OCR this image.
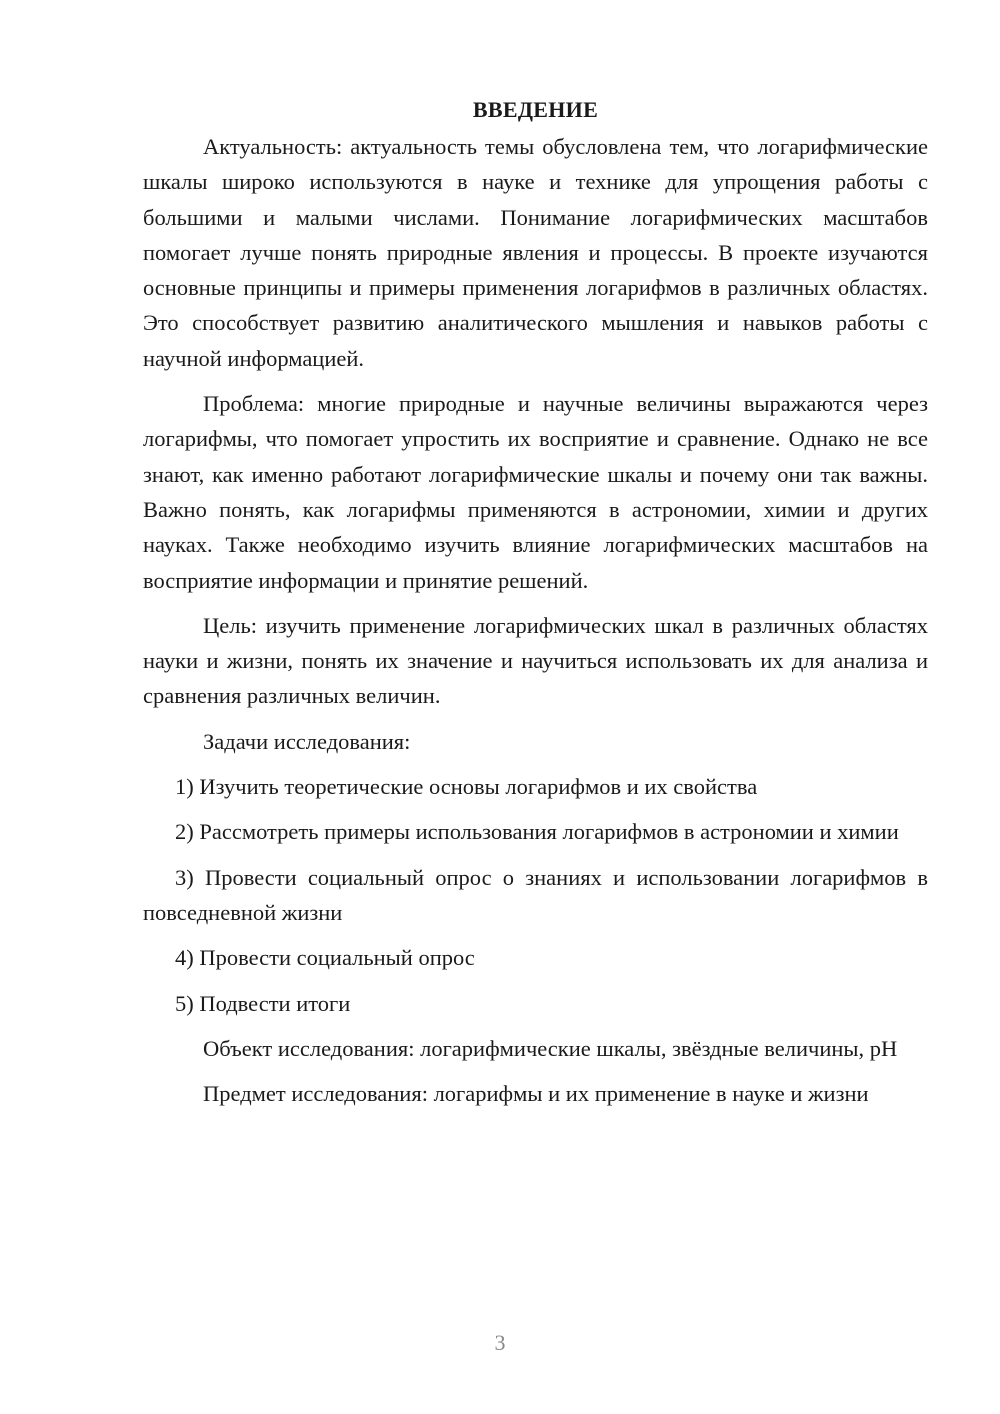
ВВЕДЕНИЕ

Актуальность: актуальность темы обусловлена тем, что логарифмические шкалы широко используются в науке и технике для упрощения работы с большими и малыми числами. Понимание логарифмических масштабов помогает лучше понять природные явления и процессы. В проекте изучаются основные принципы и примеры применения логарифмов в различных областях. Это способствует развитию аналитического мышления и навыков работы с научной информацией.

Проблема: многие природные и научные величины выражаются через логарифмы, что помогает упростить их восприятие и сравнение. Однако не все знают, как именно работают логарифмические шкалы и почему они так важны. Важно понять, как логарифмы применяются в астрономии, химии и других науках. Также необходимо изучить влияние логарифмических масштабов на восприятие информации и принятие решений.

Цель: изучить применение логарифмических шкал в различных областях науки и жизни, понять их значение и научиться использовать их для анализа и сравнения различных величин.

Задачи исследования:

1) Изучить теоретические основы логарифмов и их свойства

2) Рассмотреть примеры использования логарифмов в астрономии и химии

3) Провести социальный опрос о знаниях и использовании логарифмов в повседневной жизни

4) Провести социальный опрос

5) Подвести итоги

Объект исследования: логарифмические шкалы, звёздные величины, pH

Предмет исследования: логарифмы и их применение в науке и жизни

3
